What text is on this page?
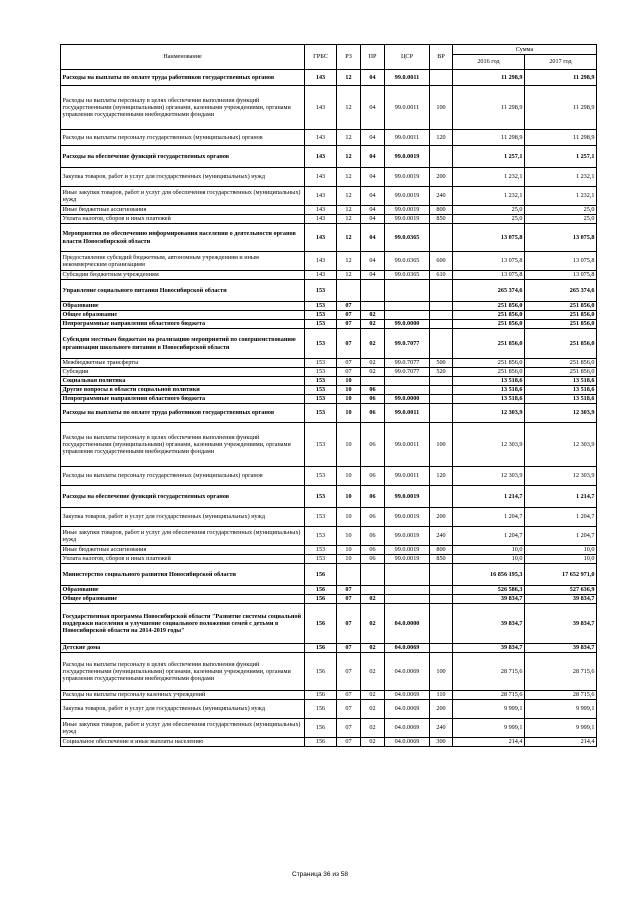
Наименование	ГРБС	РЗ	ПР	ЦСР	ВР	Сумма	
						2016 год	2017 год
Расходы на выплаты по оплате труда работников государственных органов	143	12	04	99.0.0011		11 298,9	11 298,9
Расходы на выплаты персоналу в целях обеспечения выполнения функций государственными (муниципальными) органами, казенными учреждениями, органами управления государственными внебюджетными фондами	143	12	04	99.0.0011	100	11 298,9	11 298,9
Расходы на выплаты персоналу государственных (муниципальных) органов	143	12	04	99.0.0011	120	11 298,9	11 298,9
Расходы на обеспечение функций государственных органов	143	12	04	99.0.0019		1 257,1	1 257,1
Закупка товаров, работ и услуг для государственных (муниципальных) нужд	143	12	04	99.0.0019	200	1 232,1	1 232,1
Иные закупки товаров, работ и услуг для обеспечения государственных (муниципальных) нужд	143	12	04	99.0.0019	240	1 232,1	1 232,1
Иные бюджетные ассигнования	143	12	04	99.0.0019	800	25,0	25,0
Уплата налогов, сборов и иных платежей	143	12	04	99.0.0019	850	25,0	25,0
Мероприятия по обеспечению информирования населения о деятельности органов власти Новосибирской области	143	12	04	99.0.0365		13 075,8	13 075,8
Предоставление субсидий бюджетным, автономным учреждениям и иным некоммерческим организациям	143	12	04	99.0.0365	600	13 075,8	13 075,8
Субсидии бюджетным учреждениям	143	12	04	99.0.0365	610	13 075,8	13 075,8
Управление социального питания Новосибирской области	153					265 374,6	265 374,6
Образование	153	07				251 856,0	251 856,0
Общее образование	153	07	02			251 856,0	251 856,0
Непрограммные направления областного бюджета	153	07	02	99.0.0000		251 856,0	251 856,0
Субсидии местным бюджетам на реализацию мероприятий по совершенствованию организации школьного питания в Новосибирской области	153	07	02	99.0.7077		251 856,0	251 856,0
Межбюджетные трансферты	153	07	02	99.0.7077	500	251 856,0	251 856,0
Субсидии	153	07	02	99.0.7077	520	251 856,0	251 856,0
Социальная политика	153	10				13 518,6	13 518,6
Другие вопросы в области социальной политики	153	10	06			13 518,6	13 518,6
Непрограммные направления областного бюджета	153	10	06	99.0.0000		13 518,6	13 518,6
Расходы на выплаты по оплате труда работников государственных органов	153	10	06	99.0.0011		12 303,9	12 303,9
Расходы на выплаты персоналу в целях обеспечения выполнения функций государственными (муниципальными) органами, казенными учреждениями, органами управления государственными внебюджетными фондами	153	10	06	99.0.0011	100	12 303,9	12 303,9
Расходы на выплаты персоналу государственных (муниципальных) органов	153	10	06	99.0.0011	120	12 303,9	12 303,9
Расходы на обеспечение функций государственных органов	153	10	06	99.0.0019		1 214,7	1 214,7
Закупка товаров, работ и услуг для государственных (муниципальных) нужд	153	10	06	99.0.0019	200	1 204,7	1 204,7
Иные закупки товаров, работ и услуг для обеспечения государственных (муниципальных) нужд	153	10	06	99.0.0019	240	1 204,7	1 204,7
Иные бюджетные ассигнования	153	10	06	99.0.0019	800	10,0	10,0
Уплата налогов, сборов и иных платежей	153	10	06	99.0.0019	850	10,0	10,0
Министерство социального развития Новосибирской области	156					16 856 195,3	17 652 971,0
Образование	156	07				526 586,3	527 636,9
Общее образование	156	07	02			39 834,7	39 834,7
Государственная программа Новосибирской области "Развитие системы социальной поддержки населения и улучшение социального положения семей с детьми в Новосибирской области на 2014-2019 годы"	156	07	02	04.0.0000		39 834,7	39 834,7
Детские дома	156	07	02	04.0.0069		39 834,7	39 834,7
Расходы на выплаты персоналу в целях обеспечения выполнения функций государственными (муниципальными) органами, казенными учреждениями, органами управления государственными внебюджетными фондами	156	07	02	04.0.0069	100	28 715,6	28 715,6
Расходы на выплаты персоналу казенных учреждений	156	07	02	04.0.0069	110	28 715,6	28 715,6
Закупка товаров, работ и услуг для государственных (муниципальных) нужд	156	07	02	04.0.0069	200	9 999,1	9 999,1
Иные закупки товаров, работ и услуг для обеспечения государственных (муниципальных) нужд	156	07	02	04.0.0069	240	9 999,1	9 999,1
Социальное обеспечение и иные выплаты населению	156	07	02	04.0.0069	300	214,4	214,4
Страница 36 из 58
